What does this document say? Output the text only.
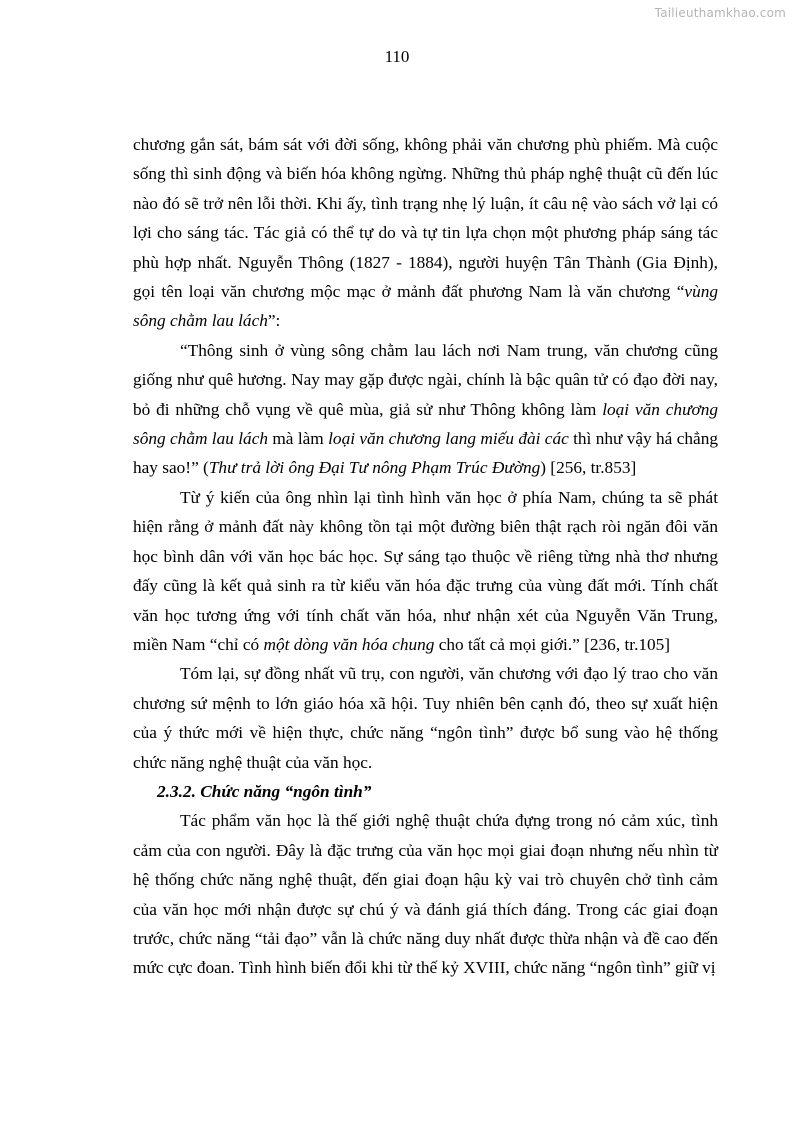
Tailieuthamkhao.com
110

chương gắn sát, bám sát với đời sống, không phải văn chương phù phiếm. Mà cuộc sống thì sinh động và biến hóa không ngừng. Những thủ pháp nghệ thuật cũ đến lúc nào đó sẽ trở nên lỗi thời. Khi ấy, tình trạng nhẹ lý luận, ít câu nệ vào sách vở lại có lợi cho sáng tác. Tác giả có thể tự do và tự tin lựa chọn một phương pháp sáng tác phù hợp nhất. Nguyễn Thông (1827 - 1884), người huyện Tân Thành (Gia Định), gọi tên loại văn chương mộc mạc ở mảnh đất phương Nam là văn chương “vùng sông chằm lau lách”:

“Thông sinh ở vùng sông chằm lau lách nơi Nam trung, văn chương cũng giống như quê hương. Nay may gặp được ngài, chính là bậc quân tử có đạo đời nay, bỏ đi những chỗ vụng về quê mùa, giả sử như Thông không làm loại văn chương sông chằm lau lách mà làm loại văn chương lang miếu đài các thì như vậy há chẳng hay sao!” (Thư trả lời ông Đại Tư nông Phạm Trúc Đường) [256, tr.853]

Từ ý kiến của ông nhìn lại tình hình văn học ở phía Nam, chúng ta sẽ phát hiện rằng ở mảnh đất này không tồn tại một đường biên thật rạch ròi ngăn đôi văn học bình dân với văn học bác học. Sự sáng tạo thuộc về riêng từng nhà thơ nhưng đấy cũng là kết quả sinh ra từ kiểu văn hóa đặc trưng của vùng đất mới. Tính chất văn học tương ứng với tính chất văn hóa, như nhận xét của Nguyễn Văn Trung, miền Nam “chỉ có một dòng văn hóa chung cho tất cả mọi giới.” [236, tr.105]

Tóm lại, sự đồng nhất vũ trụ, con người, văn chương với đạo lý trao cho văn chương sứ mệnh to lớn giáo hóa xã hội. Tuy nhiên bên cạnh đó, theo sự xuất hiện của ý thức mới về hiện thực, chức năng “ngôn tình” được bổ sung vào hệ thống chức năng nghệ thuật của văn học.

2.3.2. Chức năng “ngôn tình”

Tác phẩm văn học là thế giới nghệ thuật chứa đựng trong nó cảm xúc, tình cảm của con người. Đây là đặc trưng của văn học mọi giai đoạn nhưng nếu nhìn từ hệ thống chức năng nghệ thuật, đến giai đoạn hậu kỳ vai trò chuyên chở tình cảm của văn học mới nhận được sự chú ý và đánh giá thích đáng. Trong các giai đoạn trước, chức năng “tải đạo” vẫn là chức năng duy nhất được thừa nhận và đề cao đến mức cực đoan. Tình hình biến đổi khi từ thế kỷ XVIII, chức năng “ngôn tình” giữ vị
